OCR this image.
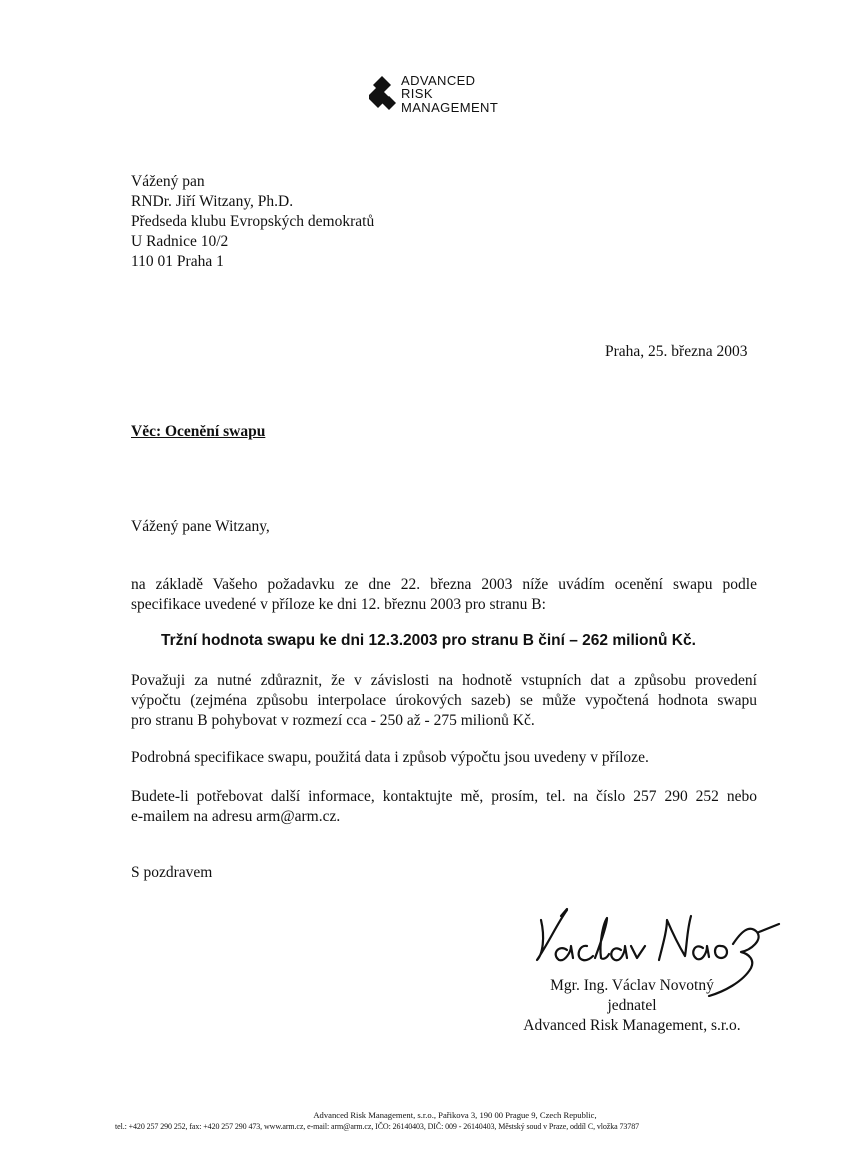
ADVANCED
RISK
MANAGEMENT
Vážený pan
RNDr. Jiří Witzany, Ph.D.
Předseda klubu Evropských demokratů
U Radnice 10/2
110 01 Praha 1
Praha, 25. března 2003
Věc: Ocenění swapu
Vážený pane Witzany,

na základě Vašeho požadavku ze dne 22. března 2003 níže uvádím ocenění swapu podle
specifikace uvedené v příloze ke dni 12. březnu 2003 pro stranu B:

Tržní hodnota swapu ke dni 12.3.2003 pro stranu B činí – 262 milionů Kč.

Považuji za nutné zdůraznit, že v závislosti na hodnotě vstupních dat a způsobu provedení
výpočtu (zejména způsobu interpolace úrokových sazeb) se může vypočtená hodnota swapu
pro stranu B pohybovat v rozmezí cca - 250 až - 275 milionů Kč.

Podrobná specifikace swapu, použitá data i způsob výpočtu jsou uvedeny v příloze.

Budete-li potřebovat další informace, kontaktujte mě, prosím, tel. na číslo 257 290 252 nebo
e-mailem na adresu arm@arm.cz.

S pozdravem
Mgr. Ing. Václav Novotný
jednatel
Advanced Risk Management, s.r.o.
Advanced Risk Management, s.r.o., Pařikova 3, 190 00 Prague 9, Czech Republic,
tel.: +420 257 290 252, fax: +420 257 290 473, www.arm.cz, e-mail: arm@arm.cz, IČO: 26140403, DIČ: 009 - 26140403, Městský soud v Praze, oddíl C, vložka 73787
